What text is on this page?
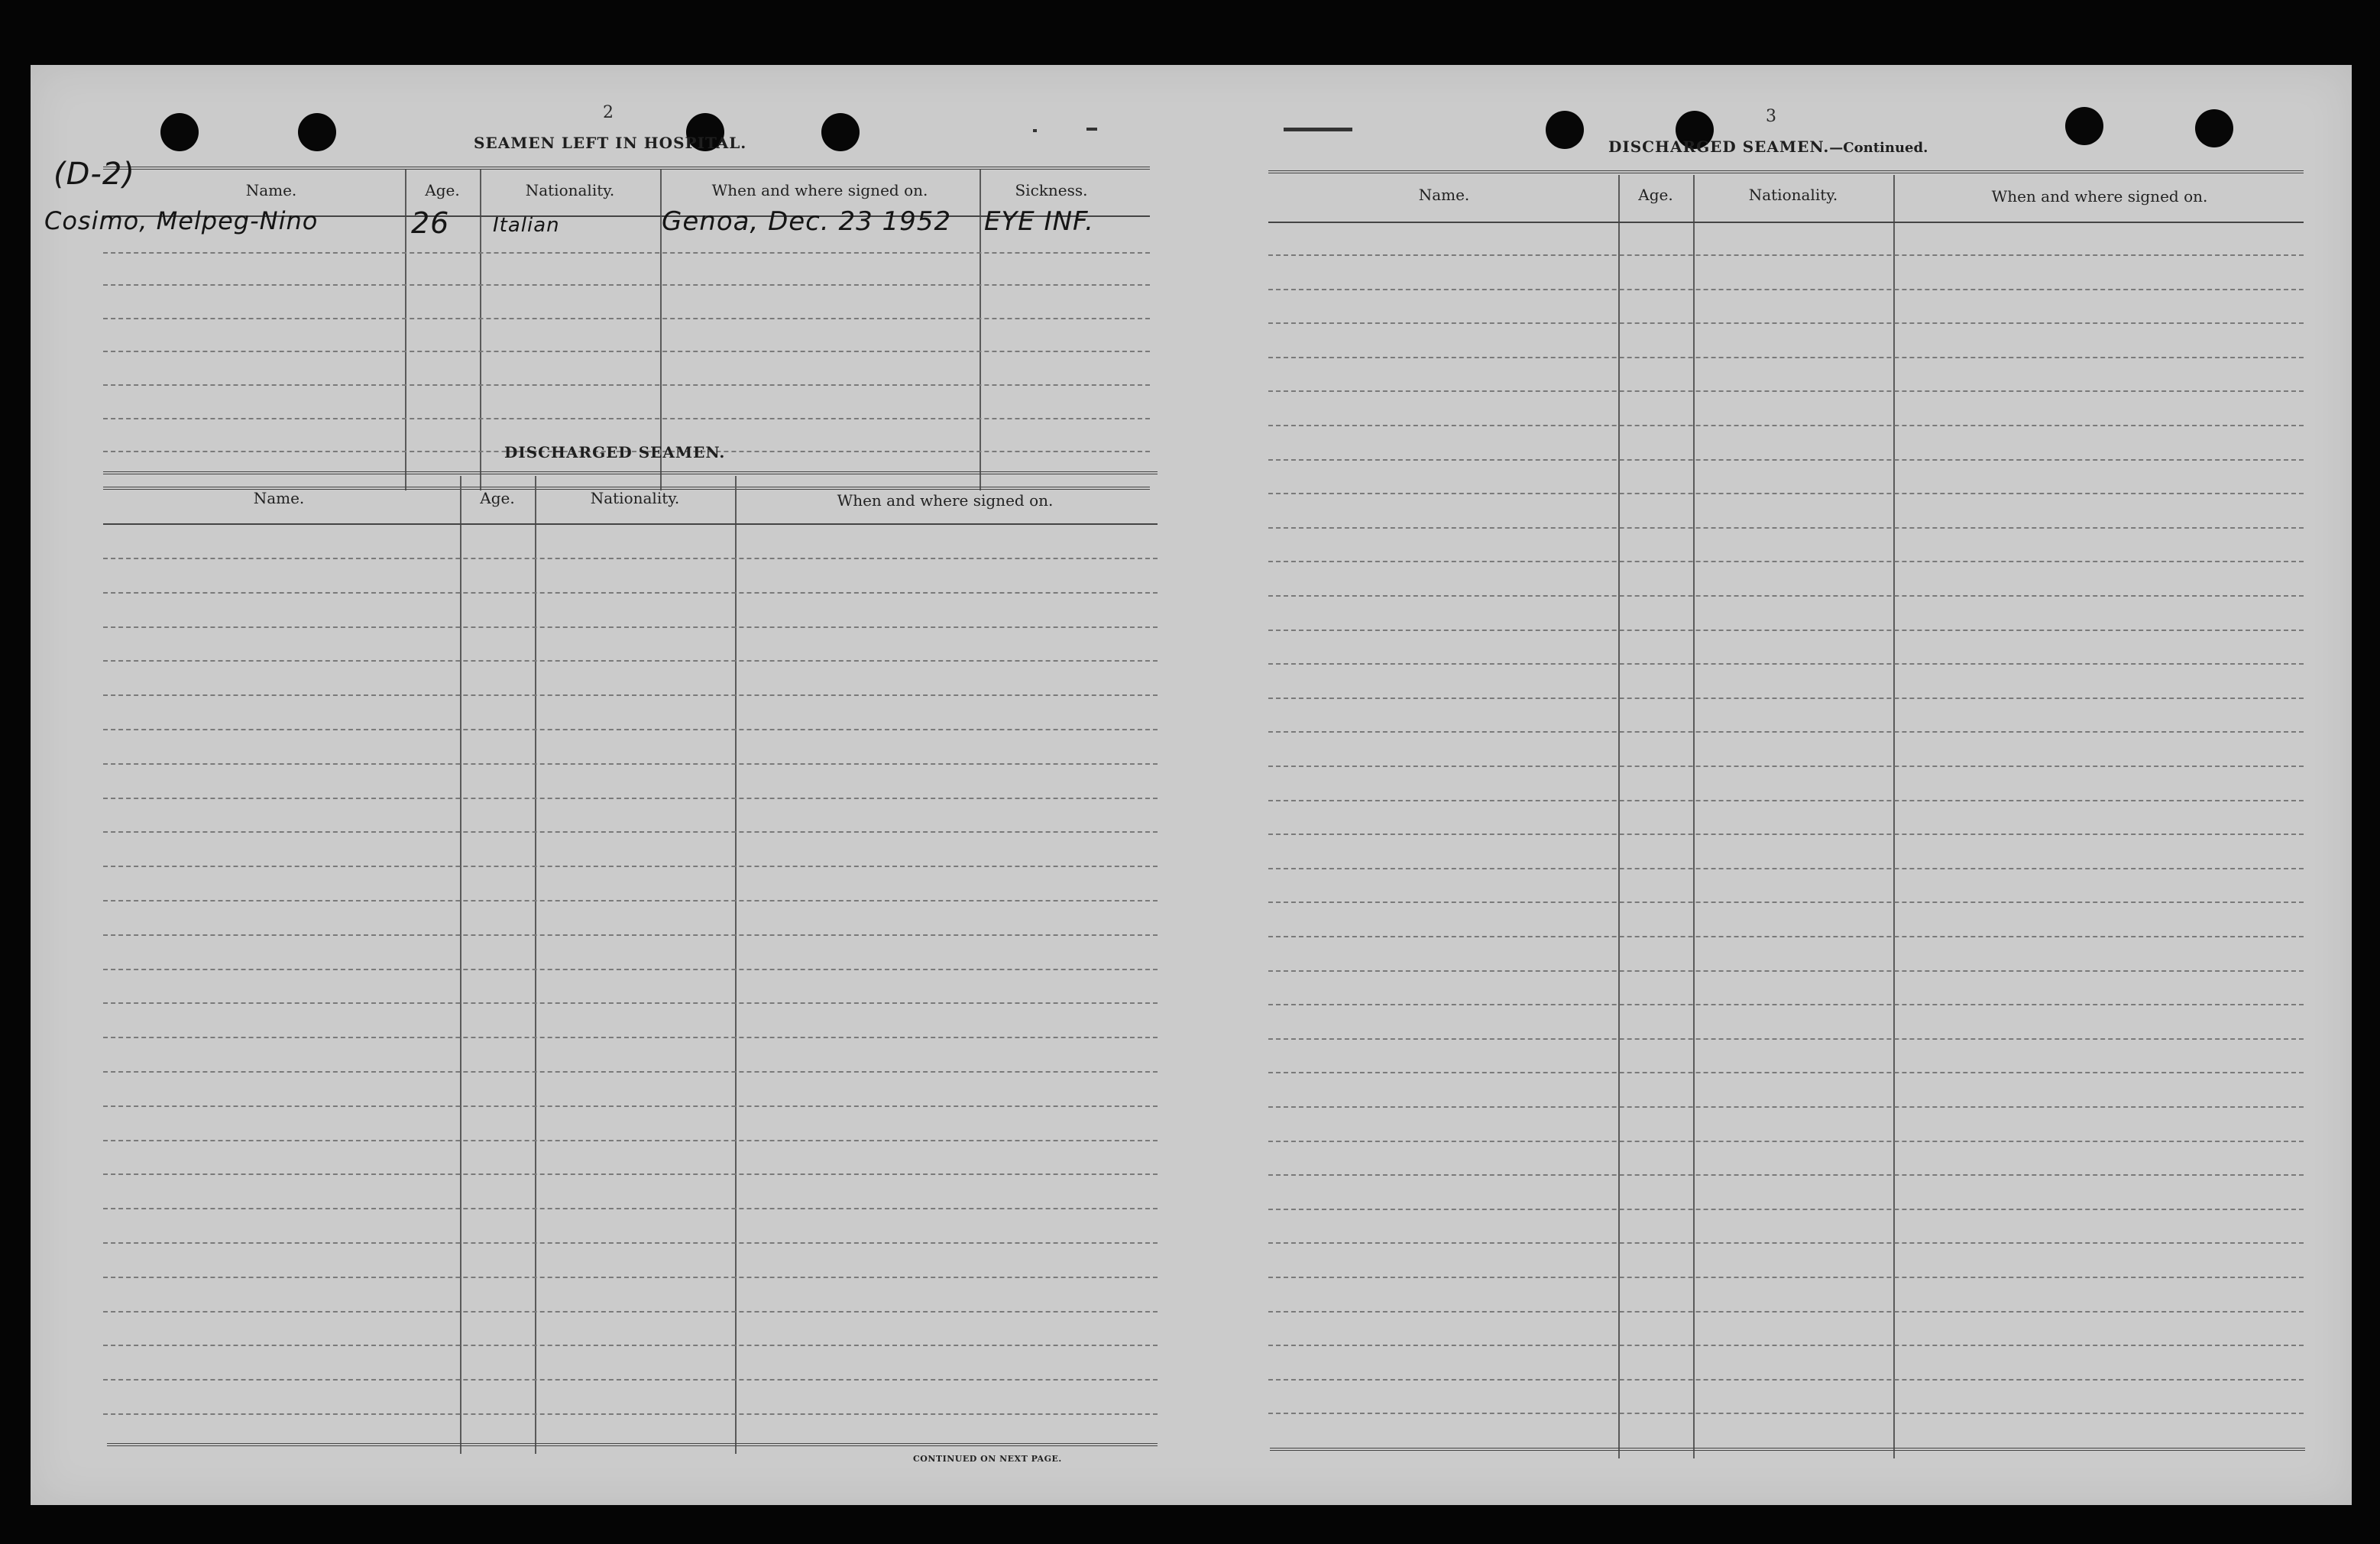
2
SEAMEN LEFT IN HOSPITAL.
Name.	Age.	Nationality.	When and where signed on.	Sickness.
(D-2)
Cosimo, Melpeg-Nino	26 Italian	Genoa, Dec. 23 1952 EYE INF.
DISCHARGED SEAMEN.
Name.	Age.	Nationality.	When and where signed on.
CONTINUED ON NEXT PAGE.
3
DISCHARGED SEAMEN.—Continued.
Name.	Age.	Nationality.	When and where signed on.
